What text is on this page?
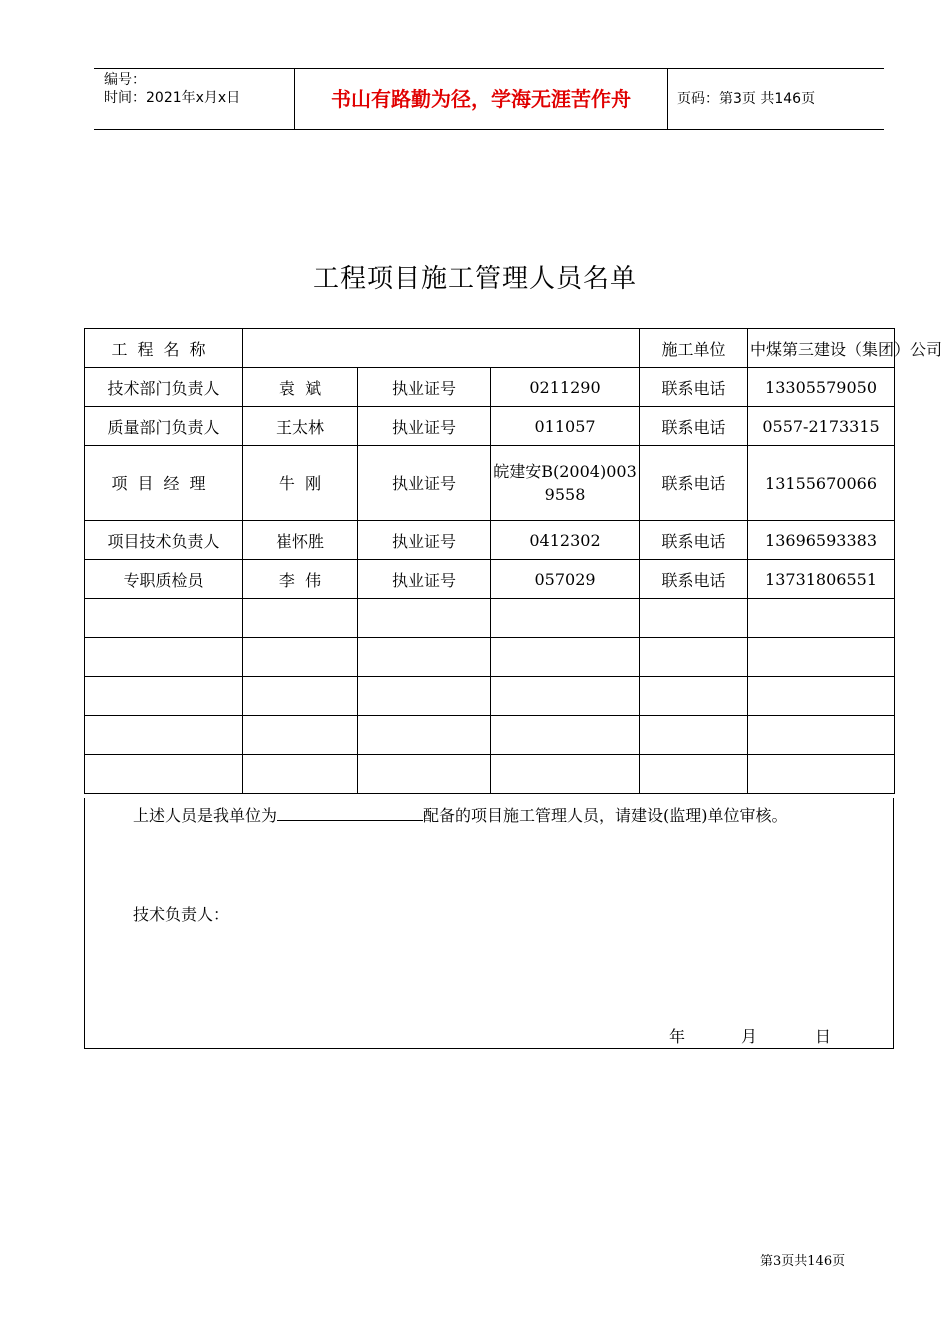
编号：
时间：2021年x月x日	书山有路勤为径，学海无涯苦作舟	页码：第3页 共146页
工程项目施工管理人员名单
工程名称				施工单位	中煤第三建设（集团）公司
技术部门负责人	袁  斌	执业证号	0211290	联系电话	13305579050
质量部门负责人	王太林	执业证号	011057	联系电话	0557-2173315
项目经理	牛  刚	执业证号	皖建安B(2004)0039558	联系电话	13155670066
项目技术负责人	崔怀胜	执业证号	0412302	联系电话	13696593383
专职质检员	李  伟	执业证号	057029	联系电话	13731806551

上述人员是我单位为	配备的项目施工管理人员，请建设(监理)单位审核。
技术负责人：
年	月	日
第3页共146页
